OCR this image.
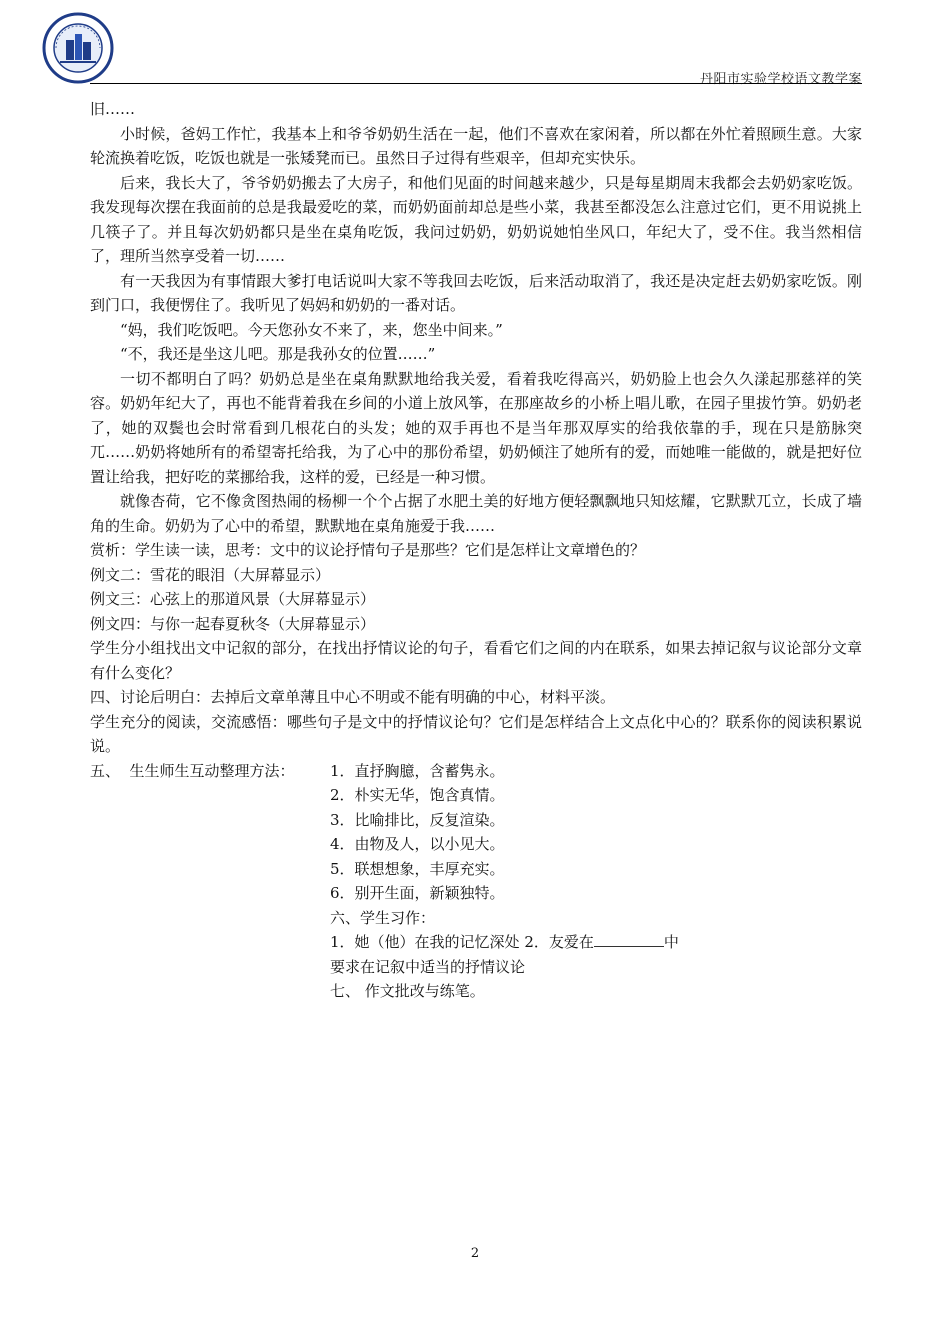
丹阳市实验学校语文教学案

旧……

小时候，爸妈工作忙，我基本上和爷爷奶奶生活在一起，他们不喜欢在家闲着，所以都在外忙着照顾生意。大家轮流换着吃饭，吃饭也就是一张矮凳而已。虽然日子过得有些艰辛，但却充实快乐。

后来，我长大了，爷爷奶奶搬去了大房子，和他们见面的时间越来越少，只是每星期周末我都会去奶奶家吃饭。我发现每次摆在我面前的总是我最爱吃的菜，而奶奶面前却总是些小菜，我甚至都没怎么注意过它们，更不用说挑上几筷子了。并且每次奶奶都只是坐在桌角吃饭，我问过奶奶，奶奶说她怕坐风口，年纪大了，受不住。我当然相信了，理所当然享受着一切……

有一天我因为有事情跟大爹打电话说叫大家不等我回去吃饭，后来活动取消了，我还是决定赶去奶奶家吃饭。刚到门口，我便愣住了。我听见了妈妈和奶奶的一番对话。

“妈，我们吃饭吧。今天您孙女不来了，来，您坐中间来。”

“不，我还是坐这儿吧。那是我孙女的位置……”

一切不都明白了吗？奶奶总是坐在桌角默默地给我关爱，看着我吃得高兴，奶奶脸上也会久久漾起那慈祥的笑容。奶奶年纪大了，再也不能背着我在乡间的小道上放风筝，在那座故乡的小桥上唱儿歌，在园子里拔竹笋。奶奶老了，她的双鬓也会时常看到几根花白的头发；她的双手再也不是当年那双厚实的给我依靠的手，现在只是筋脉突兀……奶奶将她所有的希望寄托给我，为了心中的那份希望，奶奶倾注了她所有的爱，而她唯一能做的，就是把好位置让给我，把好吃的菜挪给我，这样的爱，已经是一种习惯。

就像杏荷，它不像贪图热闹的杨柳一个个占据了水肥土美的好地方便轻飘飘地只知炫耀，它默默兀立，长成了墙角的生命。奶奶为了心中的希望，默默地在桌角施爱于我……

赏析：学生读一读，思考：文中的议论抒情句子是那些？它们是怎样让文章增色的？

例文二：雪花的眼泪（大屏幕显示）

例文三：心弦上的那道风景（大屏幕显示）

例文四：与你一起春夏秋冬（大屏幕显示）

学生分小组找出文中记叙的部分，在找出抒情议论的句子，看看它们之间的内在联系，如果去掉记叙与议论部分文章有什么变化？

四、讨论后明白：去掉后文章单薄且中心不明或不能有明确的中心，材料平淡。

学生充分的阅读，交流感悟：哪些句子是文中的抒情议论句？它们是怎样结合上文点化中心的？联系你的阅读积累说说。

五、  生生师生互动整理方法：	1．直抒胸臆，含蓄隽永。

2．朴实无华，饱含真情。

3．比喻排比，反复渲染。

4．由物及人，以小见大。

5．联想想象，丰厚充实。

6．别开生面，新颖独特。

六、学生习作：

1．她（他）在我的记忆深处 2．友爱在	中

要求在记叙中适当的抒情议论

七、 作文批改与练笔。

2
